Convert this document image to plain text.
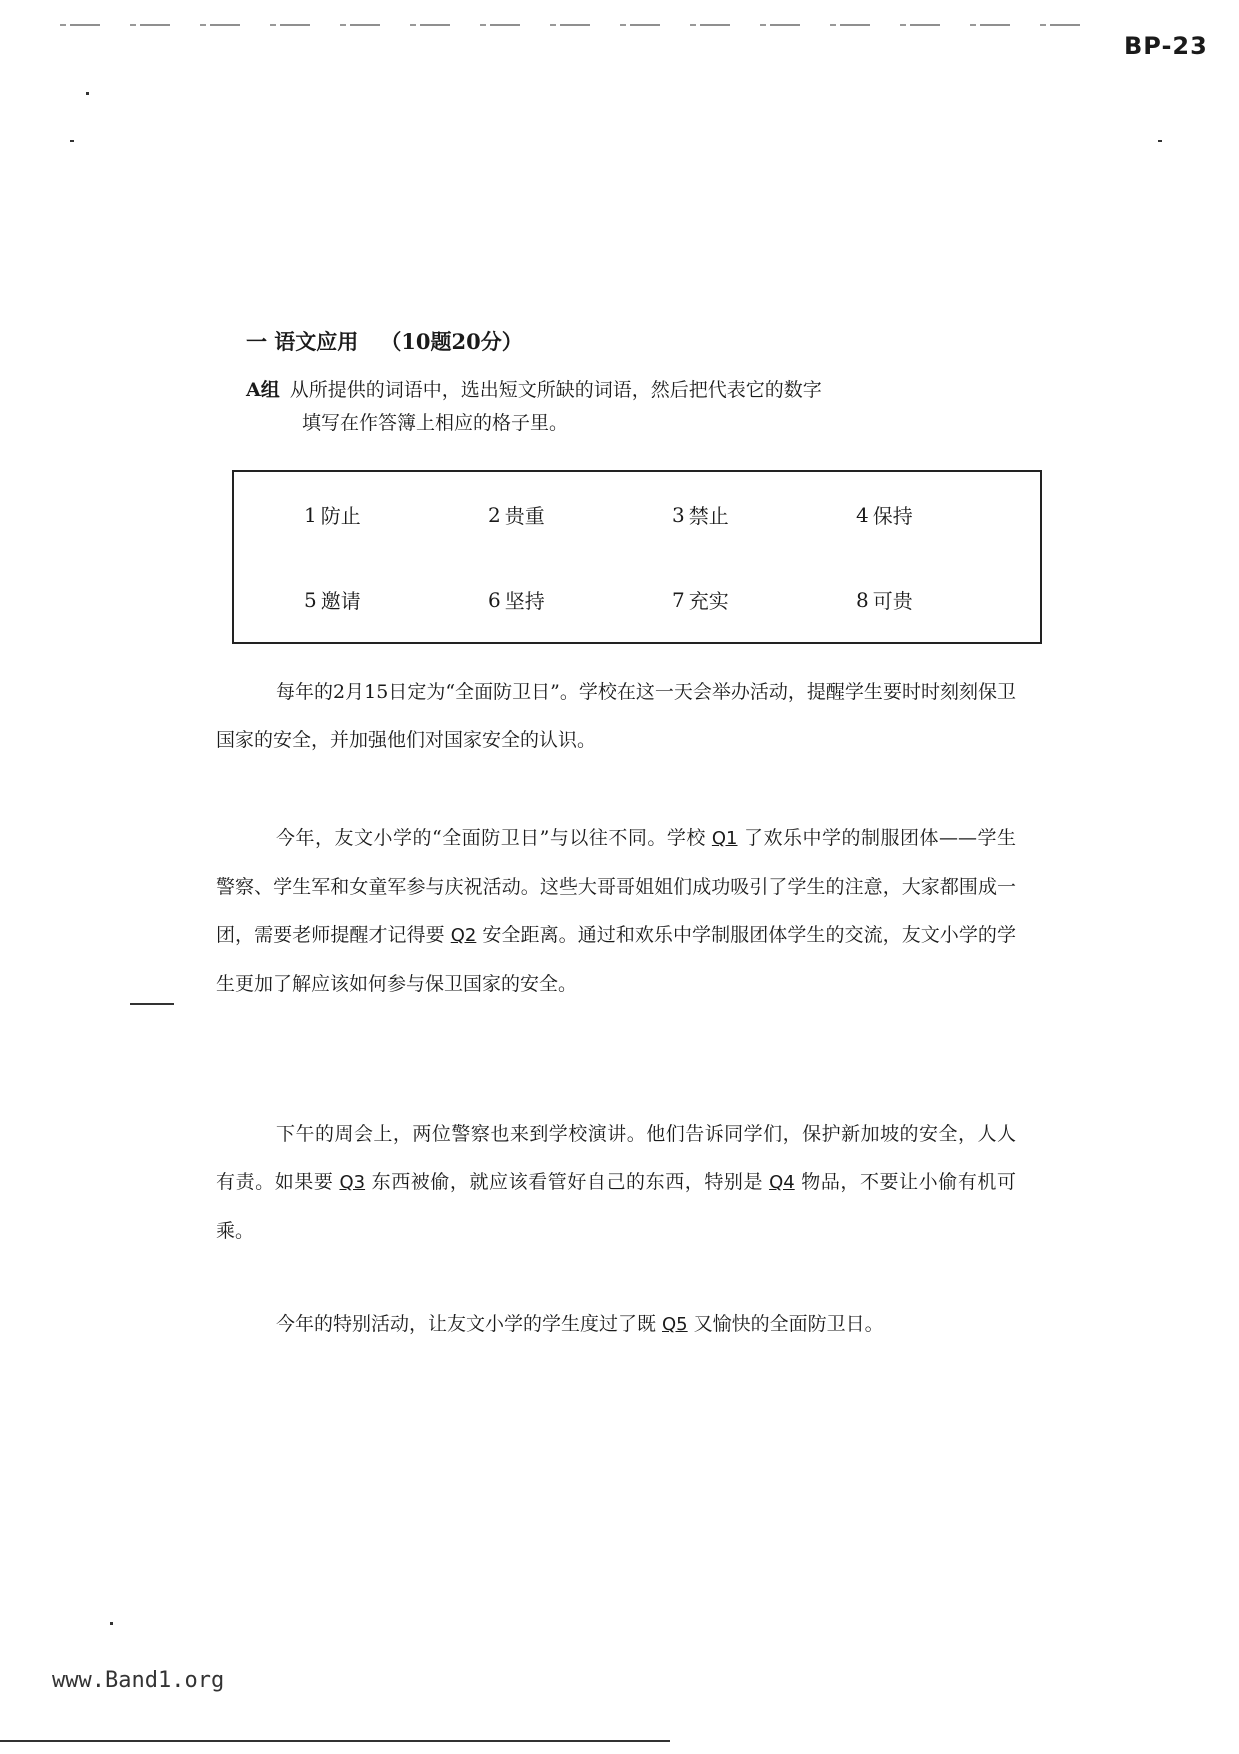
BP-23
一 语文应用 （10题20分）
A组 从所提供的词语中，选出短文所缺的词语，然后把代表它的数字
填写在作答簿上相应的格子里。
1 防止	2 贵重	3 禁止	4 保持
5 邀请	6 坚持	7 充实	8 可贵

每年的2月15日定为“全面防卫日”。学校在这一天会举办活动，提醒学生要时时刻刻保卫国家的安全，并加强他们对国家安全的认识。

今年，友文小学的“全面防卫日”与以往不同。学校 Q1 了欢乐中学的制服团体——学生警察、学生军和女童军参与庆祝活动。这些大哥哥姐姐们成功吸引了学生的注意，大家都围成一团，需要老师提醒才记得要 Q2 安全距离。通过和欢乐中学制服团体学生的交流，友文小学的学生更加了解应该如何参与保卫国家的安全。

下午的周会上，两位警察也来到学校演讲。他们告诉同学们，保护新加坡的安全，人人有责。如果要 Q3 东西被偷，就应该看管好自己的东西，特别是 Q4 物品，不要让小偷有机可乘。

今年的特别活动，让友文小学的学生度过了既 Q5 又愉快的全面防卫日。

www.Band1.org
